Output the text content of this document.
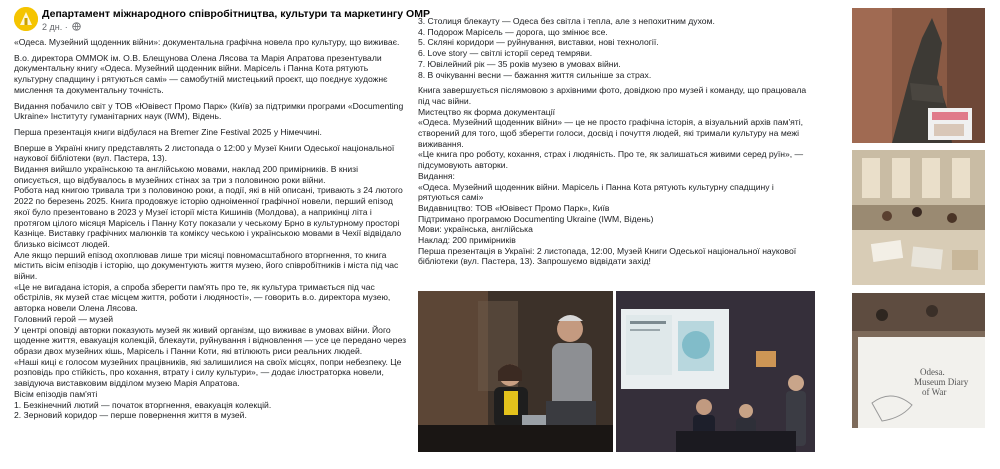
Департамент міжнародного співробітництва, культури та маркетингу ОМР
2 дн. ·

«Одеса. Музейний щоденник війни»: документальна графічна новела про культуру, що виживає.

В.о. директора ОММОК ім. О.В. Блещунова Олена Лясова та Марія Апратова презентували документальну книгу «Одеса. Музейний щоденник війни. Марісель і Панна Кота рятують культурну спадщину і рятуються самі» — самобутній мистецький проєкт, що поєднує художнє мислення та документальну точність.

Видання побачило світ у ТОВ «Ювівест Промо Парк» (Київ) за підтримки програми «Documenting Ukraine» Інституту гуманітарних наук (IWM), Відень.

Перша презентація книги відбулася на Bremer Zine Festival 2025 у Німеччині.

Вперше в Україні книгу представлять 2 листопада о 12:00 у Музеї Книги Одеської національної наукової бібліотеки (вул. Пастера, 13).

Видання вийшло українською та англійською мовами, наклад 200 примірників. В книзі описується, що відбувалось в музейних стінах за три з половиною роки війни.

Робота над книгою тривала три з половиною роки, а події, які в ній описані, тривають з 24 лютого 2022 по березень 2025. Книга продовжує історію одноіменної графічної новели, перший епізод якої було презентовано в 2023 у Музеї історії міста Кишинів (Молдова), а наприкінці літа і протягом цілого місяця Марісель і Панну Коту показали у чеському Брно в культурному просторі Казніце. Виставку графічних малюнків та коміксу чеською і українською мовами в Чехії відвідало близько вісімсот людей.

Але якщо перший епізод охоплював лише три місяці повномасштабного вторгнення, то книга містить вісім епізодів і історію, що документують життя музею, його співробітників і міста під час війни.

«Це не вигадана історія, а спроба зберегти пам'ять про те, як культура тримається під час обстрілів, як музей стає місцем життя, роботи і людяності», — говорить в.о. директора музею, авторка новели Олена Лясова.

Головний герой — музей

У центрі оповіді авторки показують музей як живий організм, що виживає в умовах війни. Його щоденне життя, евакуація колекцій, блекаути, руйнування і відновлення — усе це передано через образи двох музейних кішь, Марісель і Панни Коти, які втілюють риси реальних людей.

«Наші киці є голосом музейних працівників, які залишилися на своїх місцях, попри небезпеку. Це розповідь про стійкість, про кохання, втрату і силу культури», — додає ілюстраторка новели, завідуюча виставковим відділом музею Марія Апратова.

Вісім епізодів пам'яті

1. Безкінечний лютий — початок вторгнення, евакуація колекцій.

2. Зерновий коридор — перше повернення життя в музей.

3. Столиця блекауту — Одеса без світла і тепла, але з непохитним духом.

4. Подорож Марісель — дорога, що змінює все.

5. Скляні коридори — руйнування, виставки, нові технології.

6. Love story — світлі історії серед темряви.

7. Ювілейний рік — 35 років музею в умовах війни.

8. В очікуванні весни — бажання життя сильніше за страх.

Книга завершується післямовою з архівними фото, довідкою про музей і команду, що працювала під час війни.

Мистецтво як форма документації

«Одеса. Музейний щоденник війни» — це не просто графічна історія, а візуальний архів пам'яті, створений для того, щоб зберегти голоси, досвід і почуття людей, які тримали культуру на межі виживання.

«Це книга про роботу, кохання, страх і людяність. Про те, як залишаться живими серед руїн», — підсумовують авторки.

Видання:

«Одеса. Музейний щоденник війни. Марісель і Панна Кота рятують культурну спадщину і рятуються самі»

Видавництво: ТОВ «Ювівест Промо Парк», Київ

Підтримано програмою Documenting Ukraine (IWM, Відень)

Мови: українська, англійська

Наклад: 200 примірників

Перша презентація в Україні: 2 листопада, 12:00, Музей Книги Одеської національної наукової бібліотеки (вул. Пастера, 13). Запрошуємо відвідати захід!

Odesa.
Museum Diary
of War
